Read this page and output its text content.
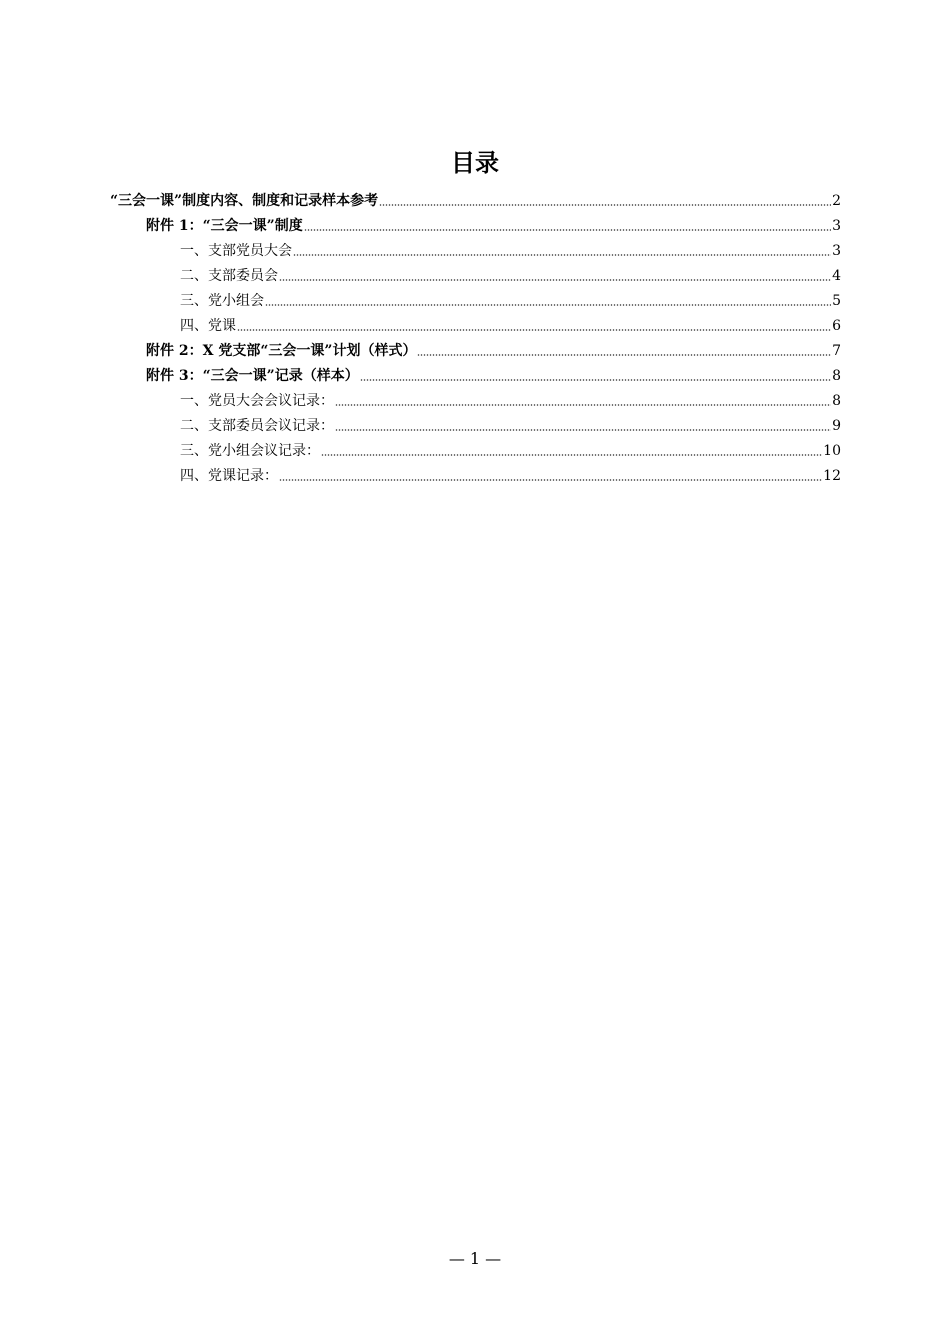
目录
“三会一课”制度内容、制度和记录样本参考	2
附件 1：“三会一课”制度	3
一、支部党员大会	3
二、支部委员会	4
三、党小组会	5
四、党课	6
附件 2：X 党支部“三会一课”计划（样式）	7
附件 3：“三会一课”记录（样本）	8
一、党员大会会议记录：	8
二、支部委员会议记录：	9
三、党小组会议记录：	10
四、党课记录：	12
— 1 —
